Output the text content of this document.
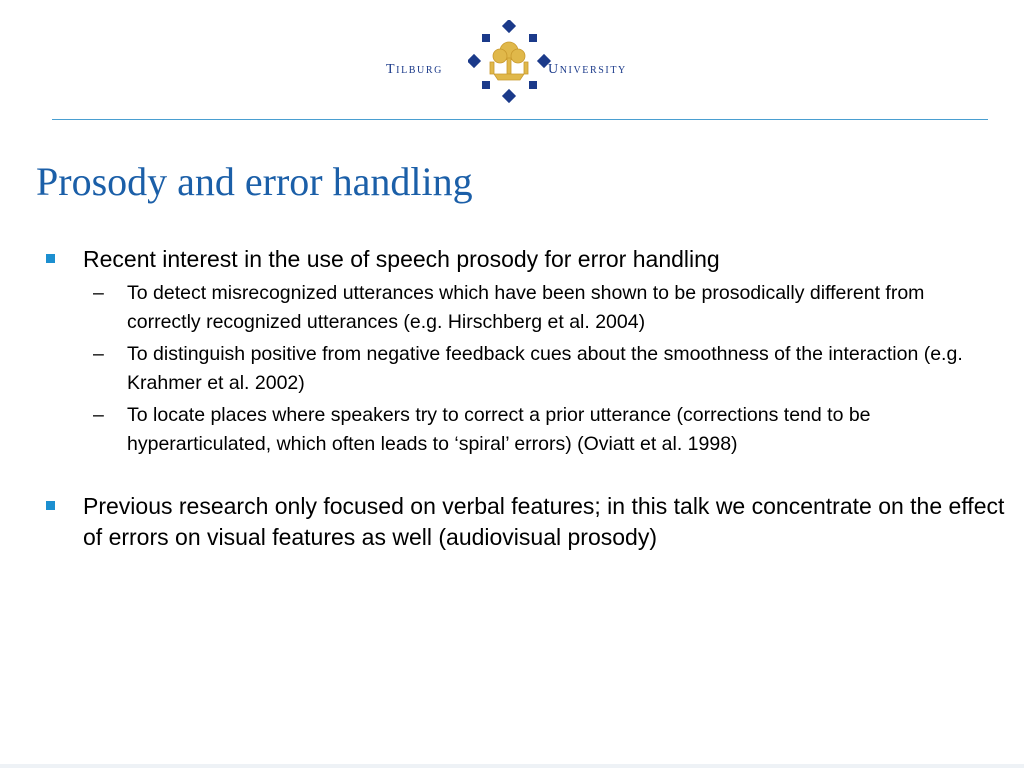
Tilburg	University
Prosody and error handling
Recent interest in the use of speech prosody for error handling
– To detect misrecognized utterances which have been shown to be prosodically different from correctly recognized utterances (e.g. Hirschberg et al. 2004)
– To distinguish positive from negative feedback cues about the smoothness of the interaction (e.g. Krahmer et al. 2002)
– To locate places where speakers try to correct a prior utterance (corrections tend to be hyperarticulated, which often leads to ‘spiral’ errors) (Oviatt et al. 1998)
Previous research only focused on verbal features; in this talk we concentrate on the effect of errors on visual features as well (audiovisual prosody)
